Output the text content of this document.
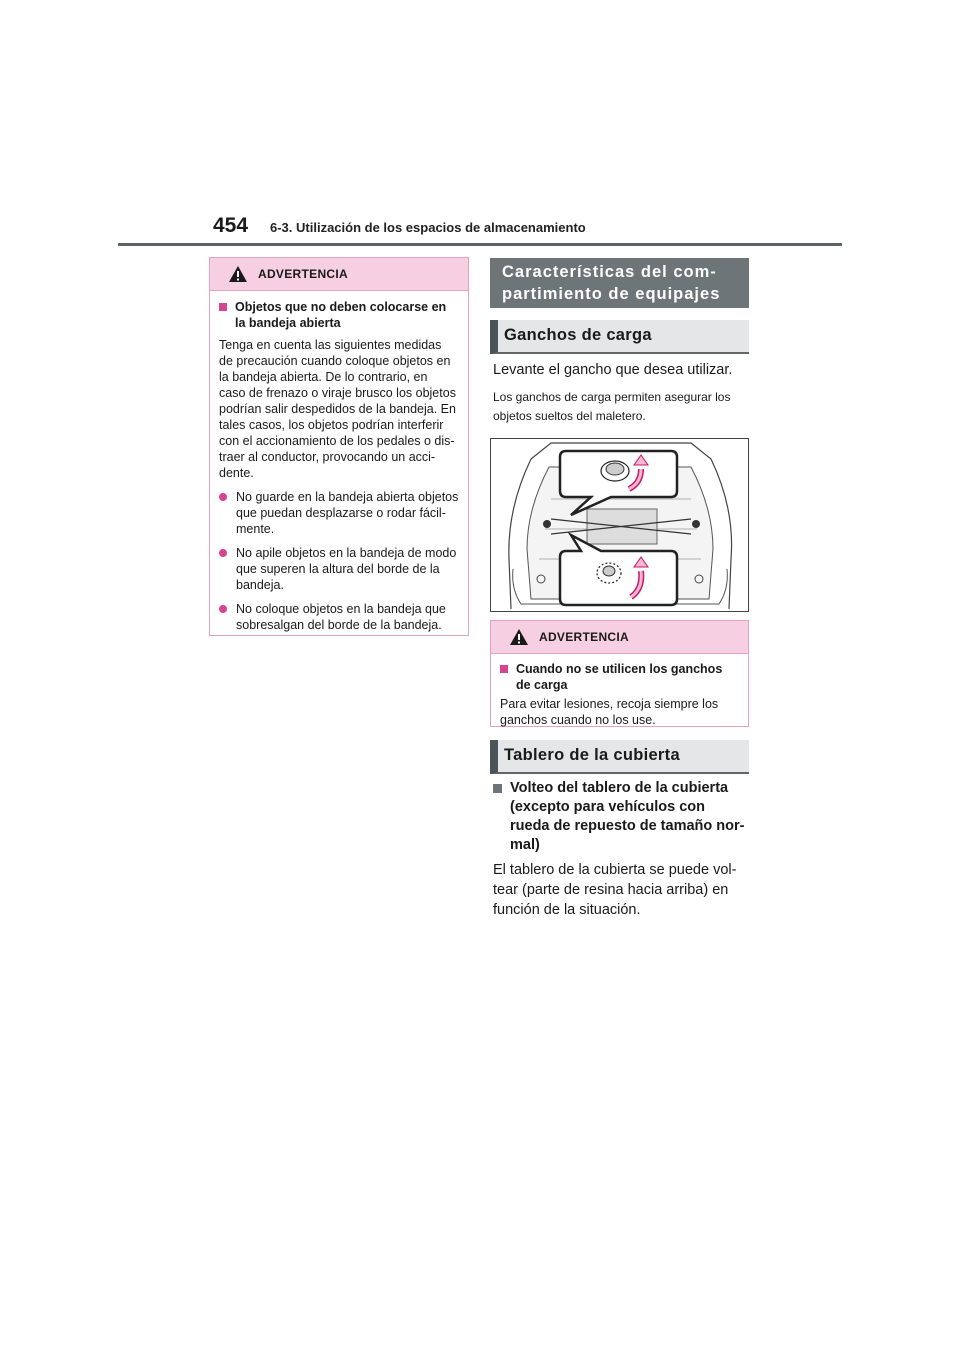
454 6-3. Utilización de los espacios de almacenamiento
ADVERTENCIA
Objetos que no deben colocarse en la bandeja abierta
Tenga en cuenta las siguientes medidas
de precaución cuando coloque objetos en
la bandeja abierta. De lo contrario, en
caso de frenazo o viraje brusco los objetos
podrían salir despedidos de la bandeja. En
tales casos, los objetos podrían interferir
con el accionamiento de los pedales o dis-
traer al conductor, provocando un acci-
dente.
No guarde en la bandeja abierta objetos
que puedan desplazarse o rodar fácil-
mente.
No apile objetos en la bandeja de modo
que superen la altura del borde de la
bandeja.
No coloque objetos en la bandeja que
sobresalgan del borde de la bandeja.
Características del com-
partimiento de equipajes
Ganchos de carga
Levante el gancho que desea utilizar.
Los ganchos de carga permiten asegurar los
objetos sueltos del maletero.
ADVERTENCIA
Cuando no se utilicen los ganchos
de carga
Para evitar lesiones, recoja siempre los
ganchos cuando no los use.
Tablero de la cubierta
Volteo del tablero de la cubierta
(excepto para vehículos con
rueda de repuesto de tamaño nor-
mal)
El tablero de la cubierta se puede vol-
tear (parte de resina hacia arriba) en
función de la situación.
